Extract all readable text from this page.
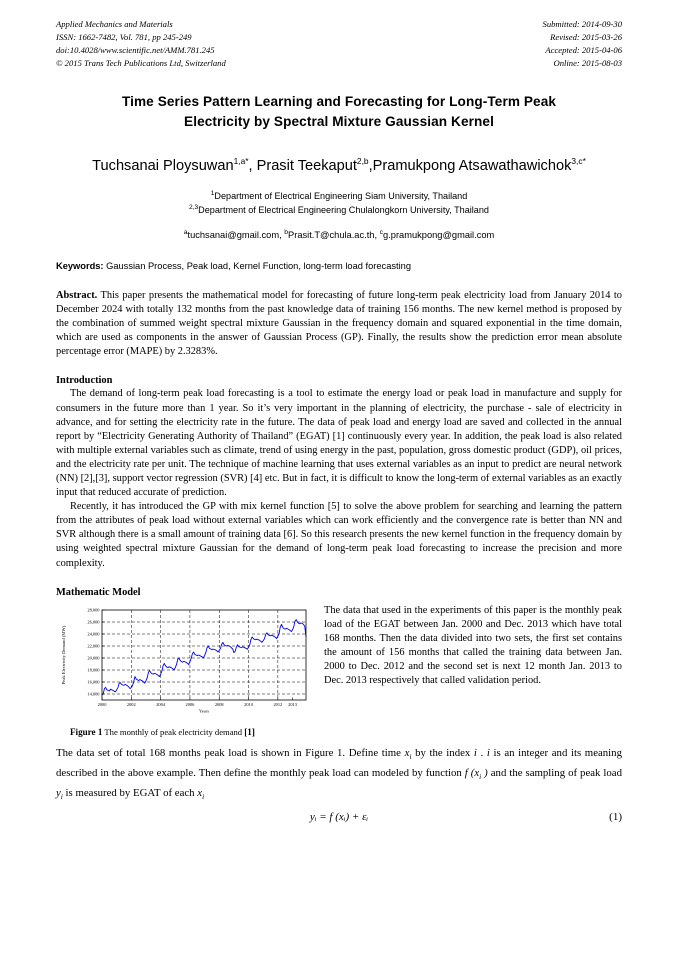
Applied Mechanics and Materials
ISSN: 1662-7482, Vol. 781, pp 245-249
doi:10.4028/www.scientific.net/AMM.781.245
© 2015 Trans Tech Publications Ltd, Switzerland
Submitted: 2014-09-30
Revised: 2015-03-26
Accepted: 2015-04-06
Online: 2015-08-03
Time Series Pattern Learning and Forecasting for Long-Term Peak
Electricity by Spectral Mixture Gaussian Kernel
Tuchsanai Ploysuwan$^{1,a*}$, Prasit Teekaput$^{2,b}$,Pramukpong Atsawathawichok$^{3,c*}$
$^1$Department of Electrical Engineering Siam University, Thailand
$^{2,3}$Department of Electrical Engineering Chulalongkorn University, Thailand
$^a$tuchsanai@gmail.com, $^b$Prasit.T@chula.ac.th, $^c$g.pramukpong@gmail.com
Keywords: Gaussian Process, Peak load, Kernel Function, long-term load forecasting
Abstract. This paper presents the mathematical model for forecasting of future long-term peak electricity load from January 2014 to December 2024 with totally 132 months from the past knowledge data of training 156 months. The new kernel method is proposed by the combination of summed weight spectral mixture Gaussian in the frequency domain and squared exponential in the time domain, which are used as components in the answer of Gaussian Process (GP). Finally, the results show the prediction error mean absolute percentage error (MAPE) by 2.3283%.
Introduction

The demand of long-term peak load forecasting is a tool to estimate the energy load or peak load in manufacture and supply for consumers in the future more than 1 year. So it’s very important in the planning of electricity, the purchase - sale of electricity in advance, and for setting the electricity rate in the future. The data of peak load and energy load are saved and collected in the annual report by “Electricity Generating Authority of Thailand” (EGAT) [1] continuously every year. In addition, the peak load is also related with multiple external variables such as climate, trend of using energy in the past, population, gross domestic product (GDP), oil prices, and the electricity rate per unit. The technique of machine learning that uses external variables as an input to predict are neural network (NN) [2],[3], support vector regression (SVR) [4] etc. But in fact, it is difficult to know the long-term of external variables as an exactly input that reduced accurate of prediction.

Recently, it has introduced the GP with mix kernel function [5] to solve the above problem for searching and learning the pattern from the attributes of peak load without external variables which can work efficiently and the convergence rate is better than NN and SVR although there is a small amount of training data [6]. So this research presents the new kernel function in the frequency domain by using weighted spectral mixture Gaussian for the demand of long-term peak load forecasting to increase the precision and more complexity.

Mathematic Model
14,000
16,000
18,000
20,000
22,000
24,000
26,000
28,000
2000	2002	2004	2006	2008	2010	2012 2013
Years
Peak Electricity Demand (MW)
Figure 1 The monthly of peak electricity demand [1]
The data that used in the experiments of this paper is the monthly peak load of the EGAT between Jan. 2000 and Dec. 2013 which have total 168 months. Then the data divided into two sets, the first set contains the amount of 156 months that called the training data between Jan. 2000 to Dec. 2012 and the second set is next 12 month Jan. 2013 to Dec. 2013 respectively that called validation period.
The data set of total 168 months peak load is shown in Figure 1. Define time $x_i$ by the index i . i is an integer and its meaning described in the above example. Then define the monthly peak load can modeled by function f ($x_i$ ) and the sampling of peak load $y_i$ is measured by EGAT of each $x_i$
yᵢ = f (xᵢ) + εᵢ	(1)
